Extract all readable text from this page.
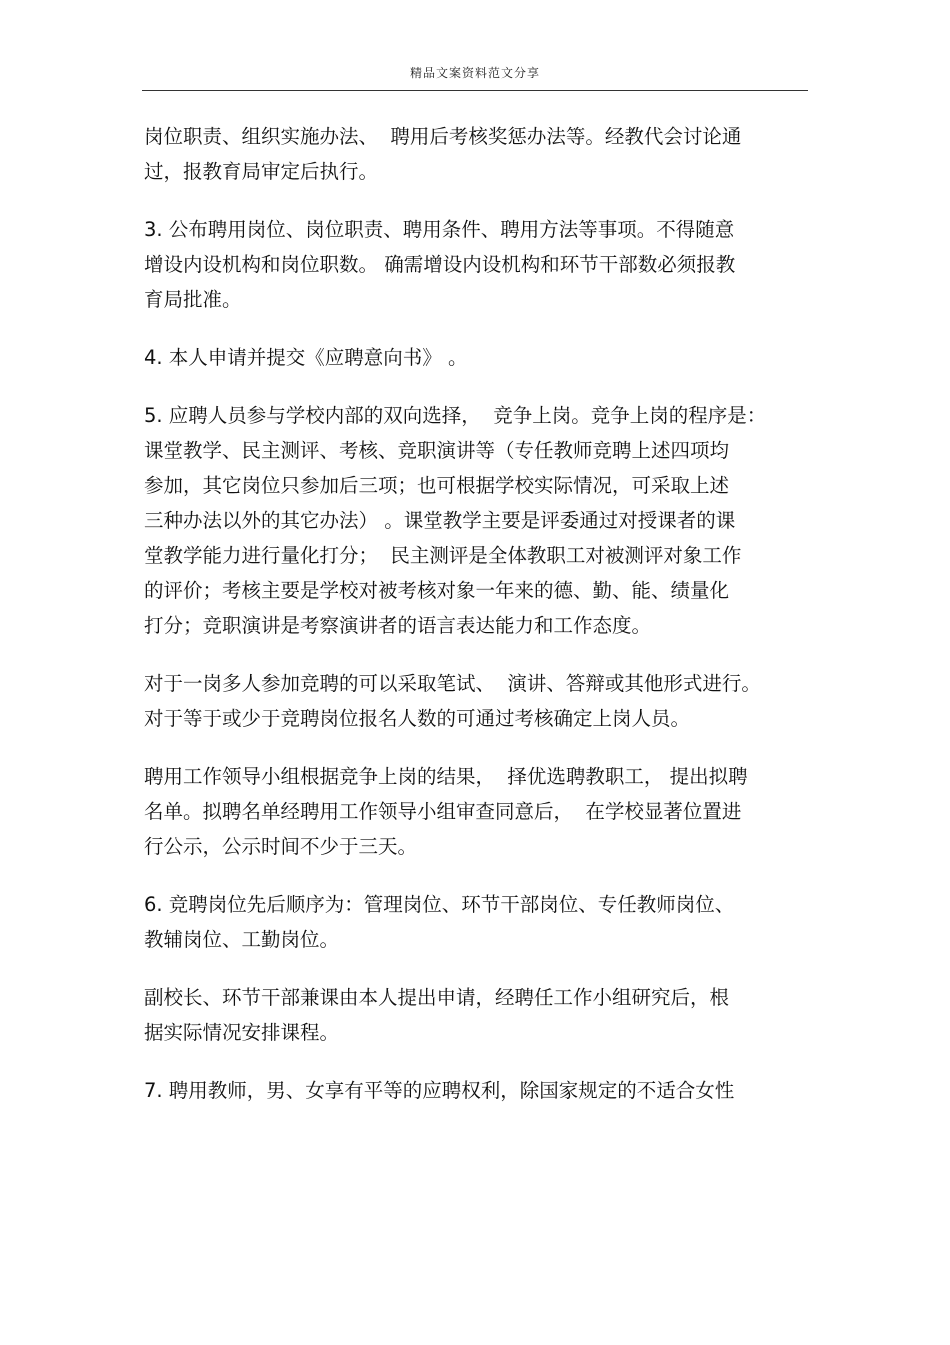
精品文案资料范文分享

岗位职责、组织实施办法、  聘用后考核奖惩办法等。经教代会讨论通
过，报教育局审定后执行。

3. 公布聘用岗位、岗位职责、聘用条件、聘用方法等事项。不得随意
增设内设机构和岗位职数。 确需增设内设机构和环节干部数必须报教
育局批准。

4. 本人申请并提交《应聘意向书》 。

5. 应聘人员参与学校内部的双向选择，  竞争上岗。竞争上岗的程序是：
课堂教学、民主测评、考核、竞职演讲等（专任教师竞聘上述四项均
参加，其它岗位只参加后三项；也可根据学校实际情况，可采取上述
三种办法以外的其它办法） 。课堂教学主要是评委通过对授课者的课
堂教学能力进行量化打分；  民主测评是全体教职工对被测评对象工作
的评价；考核主要是学校对被考核对象一年来的德、勤、能、绩量化
打分；竞职演讲是考察演讲者的语言表达能力和工作态度。

对于一岗多人参加竞聘的可以采取笔试、  演讲、答辩或其他形式进行。
对于等于或少于竞聘岗位报名人数的可通过考核确定上岗人员。

聘用工作领导小组根据竞争上岗的结果，  择优选聘教职工， 提出拟聘
名单。拟聘名单经聘用工作领导小组审查同意后，  在学校显著位置进
行公示，公示时间不少于三天。

6. 竞聘岗位先后顺序为：管理岗位、环节干部岗位、专任教师岗位、
教辅岗位、工勤岗位。

副校长、环节干部兼课由本人提出申请，经聘任工作小组研究后，根
据实际情况安排课程。

7. 聘用教师，男、女享有平等的应聘权利，除国家规定的不适合女性
